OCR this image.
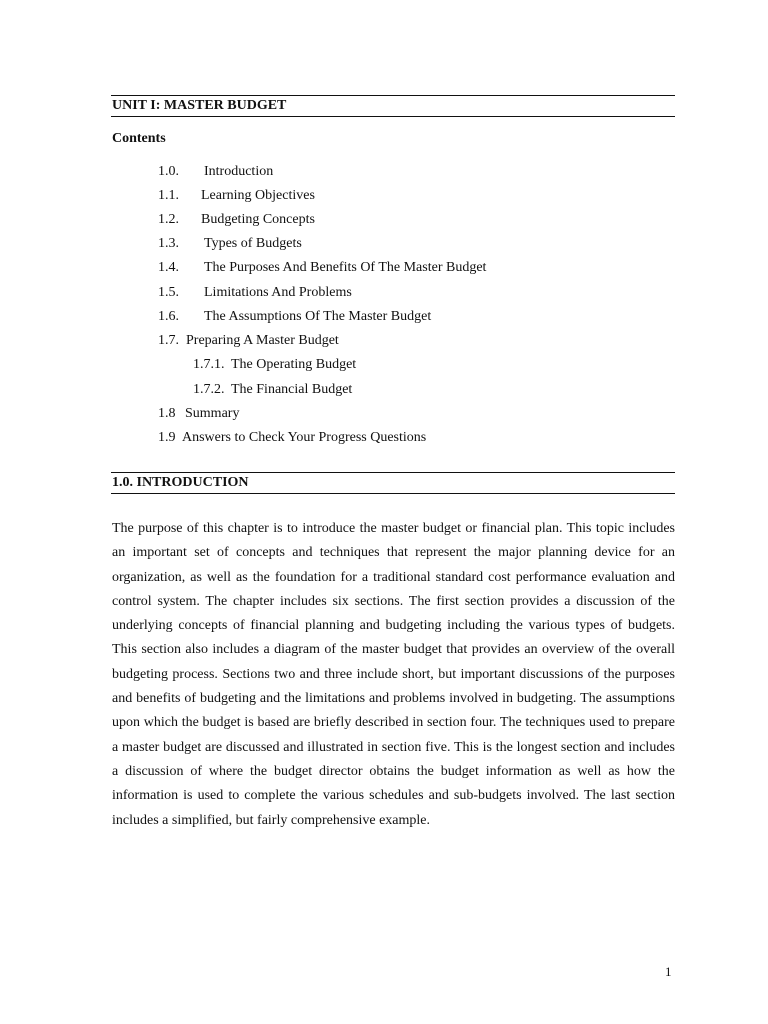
UNIT I: MASTER BUDGET
Contents
1.0. Introduction
1.1. Learning Objectives
1.2. Budgeting Concepts
1.3. Types of Budgets
1.4. The Purposes And Benefits Of The Master Budget
1.5. Limitations And Problems
1.6. The Assumptions Of The Master Budget
1.7. Preparing A Master Budget
1.7.1. The Operating Budget
1.7.2. The Financial Budget
1.8 Summary
1.9 Answers to Check Your Progress Questions
1.0. INTRODUCTION

The purpose of this chapter is to introduce the master budget or financial plan. This topic includes an important set of concepts and techniques that represent the major planning device for an organization, as well as the foundation for a traditional standard cost performance evaluation and control system. The chapter includes six sections. The first section provides a discussion of the underlying concepts of financial planning and budgeting including the various types of budgets. This section also includes a diagram of the master budget that provides an overview of the overall budgeting process. Sections two and three include short, but important discussions of the purposes and benefits of budgeting and the limitations and problems involved in budgeting. The assumptions upon which the budget is based are briefly described in section four. The techniques used to prepare a master budget are discussed and illustrated in section five. This is the longest section and includes a discussion of where the budget director obtains the budget information as well as how the information is used to complete the various schedules and sub-budgets involved. The last section includes a simplified, but fairly comprehensive example.

1
